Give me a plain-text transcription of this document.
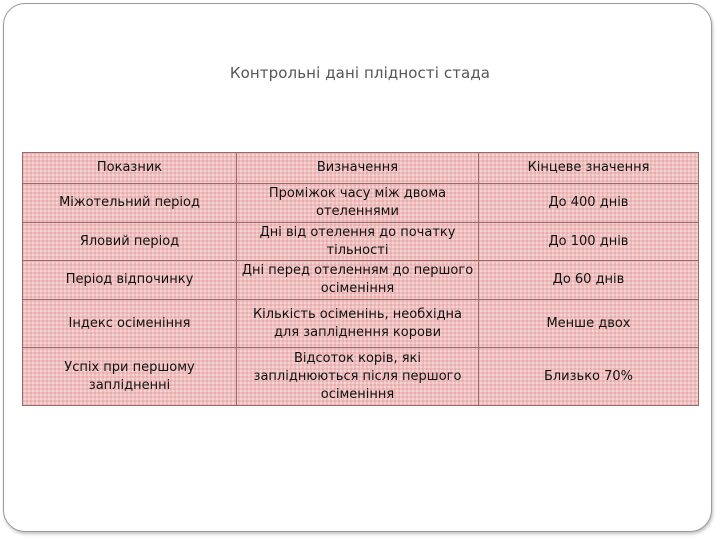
Контрольні дані плідності стада
Показник	Визначення	Кінцеве значення
Міжотельний період	Проміжок часу між двома отеленнями	До 400 днів
Яловий період	Дні від отелення до початку тільності	До 100 днів
Період відпочинку	Дні перед отеленням до першого осіменіння	До 60 днів
Індекс осіменіння	Кількість осіменінь, необхідна для запліднення корови	Менше двох
Успіх при першому заплідненні	Відсоток корів, які запліднюються після першого осіменіння	Близько 70%
